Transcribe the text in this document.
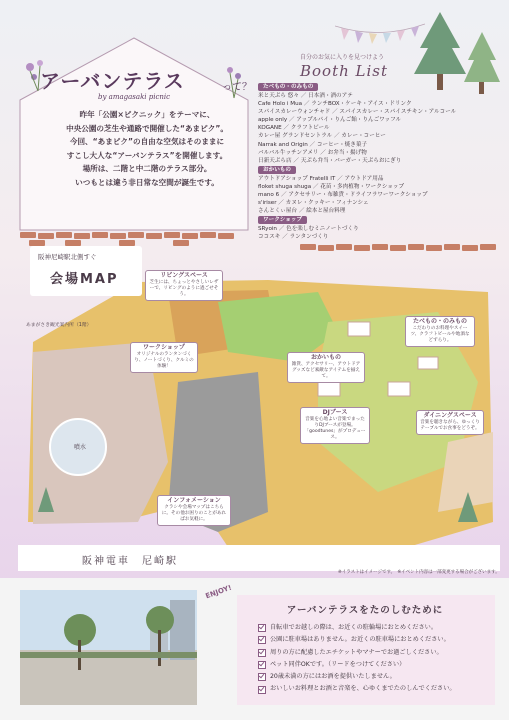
アーバンテラス	って？
by amagasaki picnic
昨年「公園×ピクニック」をテーマに、
中央公園の芝生や通路で開催した“あまピク”。
今回、“あまピク”の自由な空気はそのままに
すこし大人な“アーバンテラス”を開催します。
場所は、二階と中二階のテラス部分。
いつもとは違う非日常な空間が誕生です。
自分のお気に入りを見つけよう
Booth List
たべもの・のみもの
米と天ぷら 悠々 ／ 日本酒・酒のアテ
Cafe Holo i Mua ／ ランチBOX・ケーキ・アイス・ドリンク
スパイスカレーウォンチャド ／ スパイスカレー・スパイスチキン・アルコール
apple only ／ アップルパイ・りんご飴・りんごワッフル
KOGANE ／ クラフトビール
カレー屋 グランドセントラル ／ カレー・コーヒー
Narrak and Origin ／ コーヒー・焼き菓子
バルバル牛ッチンアメリ ／ お弁当・揚げ物
日新天ぷら店 ／ 天ぷら弁当・バーガー・天ぷらおにぎり
おかいもの
アウトドアショップ Fratelli IT ／ アウトドア用品
floket shuga shuga ／ 花苗・多肉植物・ワークショップ
mano 6 ／ アクセサリー・布雑貨・ドライフラワーワークショップ
s'iriser ／ カヌレ・クッキー・フィナンシェ
さんとくぃ屋台 ／ 絵本と屋台料理
ワークショップ
SRyoin ／ 色を楽しむミニノートづくり
ココスキ ／ ランタンづくり
阪神尼崎駅北側すぐ
会場MAP
あまがさき観光案内所（1階）
リビングスペース
芝生には、ちょっとやさしいレザーで、リビングのように過ごせそう。
ワークショップ
オリジナルのランタンづくり、ノートづくり、クルミの体験！
たべもの・のみもの
こだわりのお料理やスイーツ、クラフトビールや地酒などずらり。
おかいもの
雑貨、アクセサリー、アウトドアグッズなど素敵なアイテムを揃えて。
DJブース
音楽を心地よい音楽でまったりDJブースが登場。「goodtunes」がプロデュース。
ダイニングスペース
音楽を聴きながら、ゆっくりテーブルでお食事をどうぞ。
インフォメーション
クラシや会場マップはこちらに。その他お困りのことがあればお気軽に。
噴水
阪神電車　尼崎駅
※イラストはイメージです。　※イベント内容は一部変更する場合がございます。
ENJOY!
アーバンテラスをたのしむために
自転車でお越しの際は、お近くの駐輪場におとめください。
公園に駐車場はありません。お近くの駐車場におとめください。
周りの方に配慮したエチケットやマナーでお過ごしください。
ペット同伴OKです。（リードをつけてください）
20歳未満の方にはお酒を提供いたしません。
おいしいお料理とお酒と音楽を、心ゆくまでたのしんでください。
